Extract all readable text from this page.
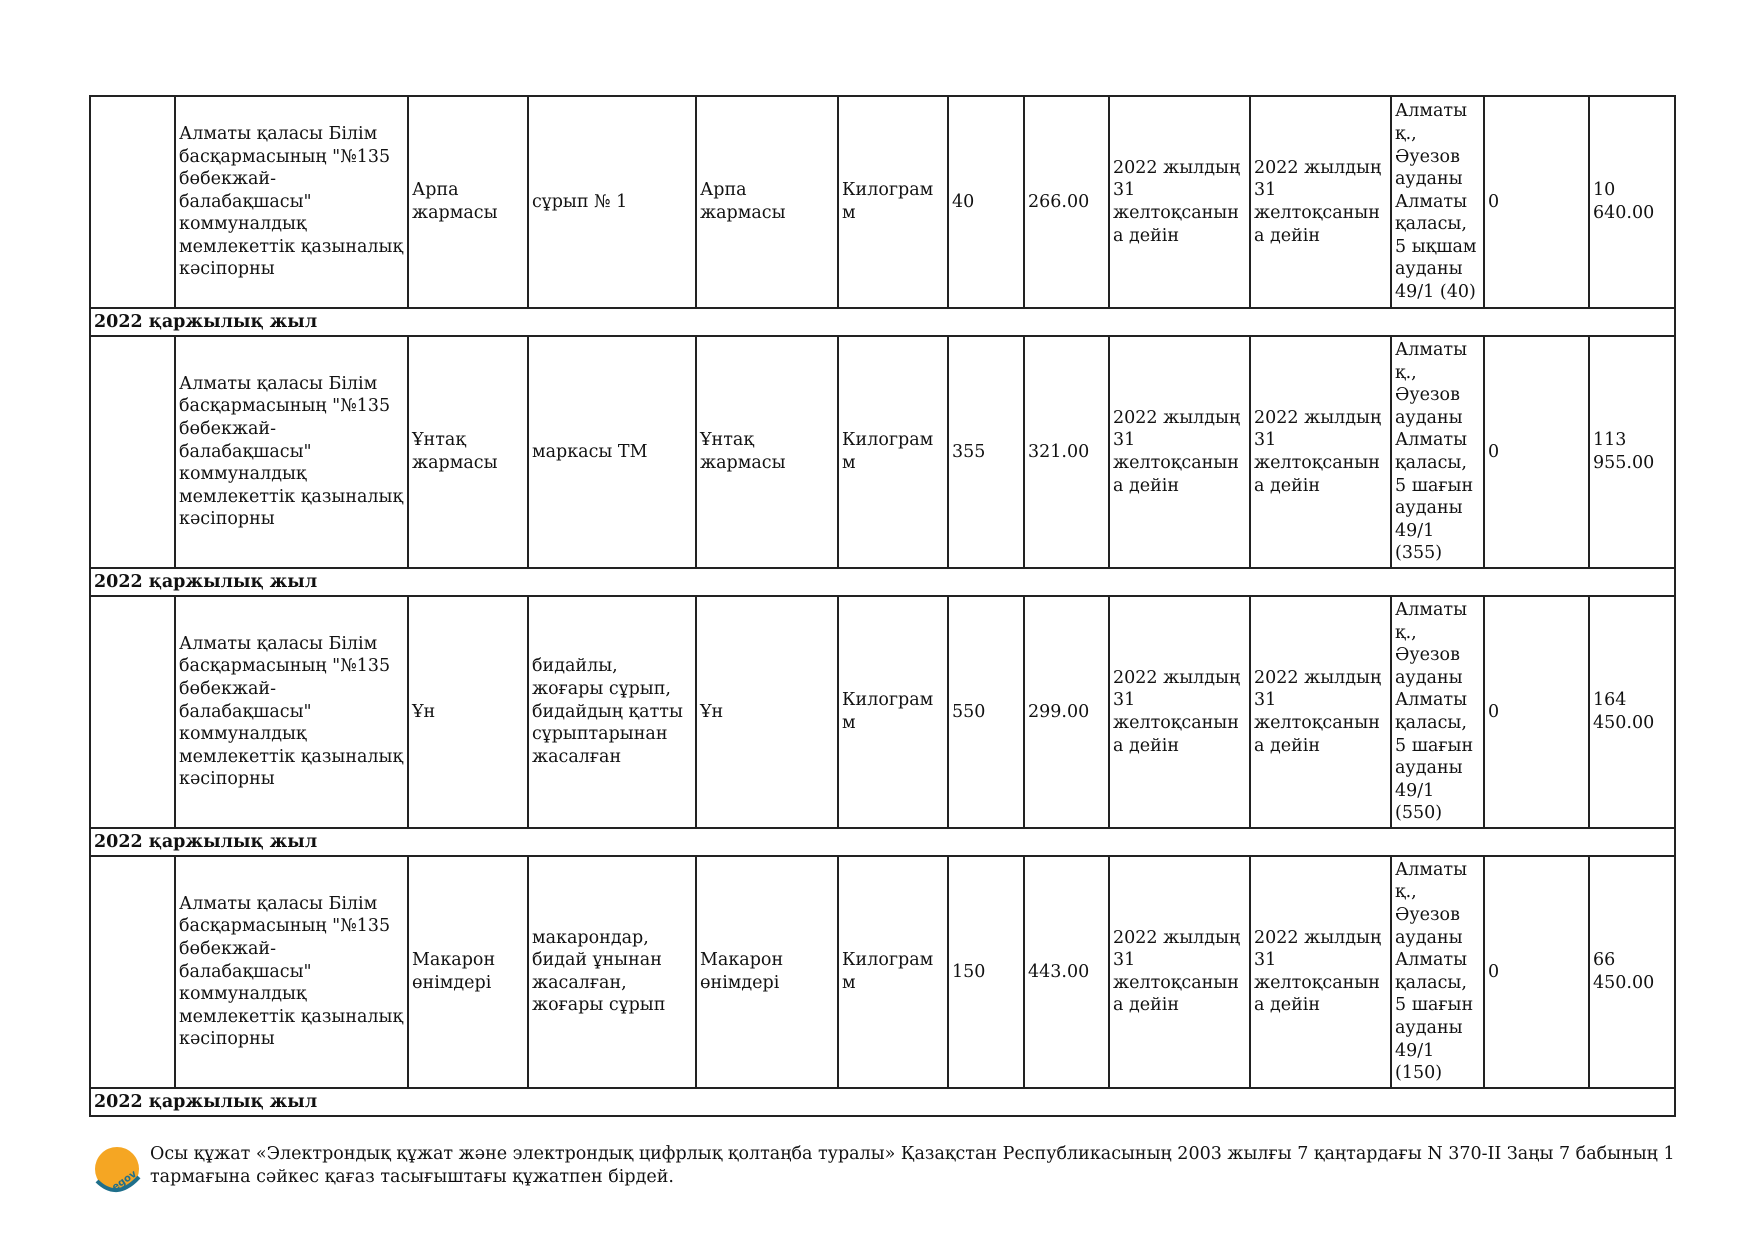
	Алматы қаласы Білім басқармасының "№135 бөбекжай-балабақшасы" коммуналдық мемлекеттік қазыналық кәсіпорны	Арпа жармасы	сұрып № 1	Арпа жармасы	Килограмм	40	266.00	2022 жылдың 31 желтоқсанына дейін	2022 жылдың 31 желтоқсанына дейін	Алматы қ., Әуезов ауданы Алматы қаласы, 5 ықшам ауданы 49/1 (40)	0	10 640.00
2022 қаржылық жыл												
	Алматы қаласы Білім басқармасының "№135 бөбекжай-балабақшасы" коммуналдық мемлекеттік қазыналық кәсіпорны	Ұнтақ жармасы	маркасы ТМ	Ұнтақ жармасы	Килограмм	355	321.00	2022 жылдың 31 желтоқсанына дейін	2022 жылдың 31 желтоқсанына дейін	Алматы қ., Әуезов ауданы Алматы қаласы, 5 шағын ауданы 49/1 (355)	0	113 955.00
2022 қаржылық жыл												
	Алматы қаласы Білім басқармасының "№135 бөбекжай-балабақшасы" коммуналдық мемлекеттік қазыналық кәсіпорны	Ұн	бидайлы, жоғары сұрып, бидайдың қатты сұрыптарынан жасалған	Ұн	Килограмм	550	299.00	2022 жылдың 31 желтоқсанына дейін	2022 жылдың 31 желтоқсанына дейін	Алматы қ., Әуезов ауданы Алматы қаласы, 5 шағын ауданы 49/1 (550)	0	164 450.00
2022 қаржылық жыл												
	Алматы қаласы Білім басқармасының "№135 бөбекжай-балабақшасы" коммуналдық мемлекеттік қазыналық кәсіпорны	Макарон өнімдері	макарондар, бидай ұнынан жасалған, жоғары сұрып	Макарон өнімдері	Килограмм	150	443.00	2022 жылдың 31 желтоқсанына дейін	2022 жылдың 31 желтоқсанына дейін	Алматы қ., Әуезов ауданы Алматы қаласы, 5 шағын ауданы 49/1 (150)	0	66 450.00
2022 қаржылық жыл												
egov
Осы құжат «Электрондық құжат және электрондық цифрлық қолтаңба туралы» Қазақстан Республикасының 2003 жылғы 7 қаңтардағы N 370-II Заңы 7 бабының 1 тармағына сәйкес қағаз тасығыштағы құжатпен бірдей.
